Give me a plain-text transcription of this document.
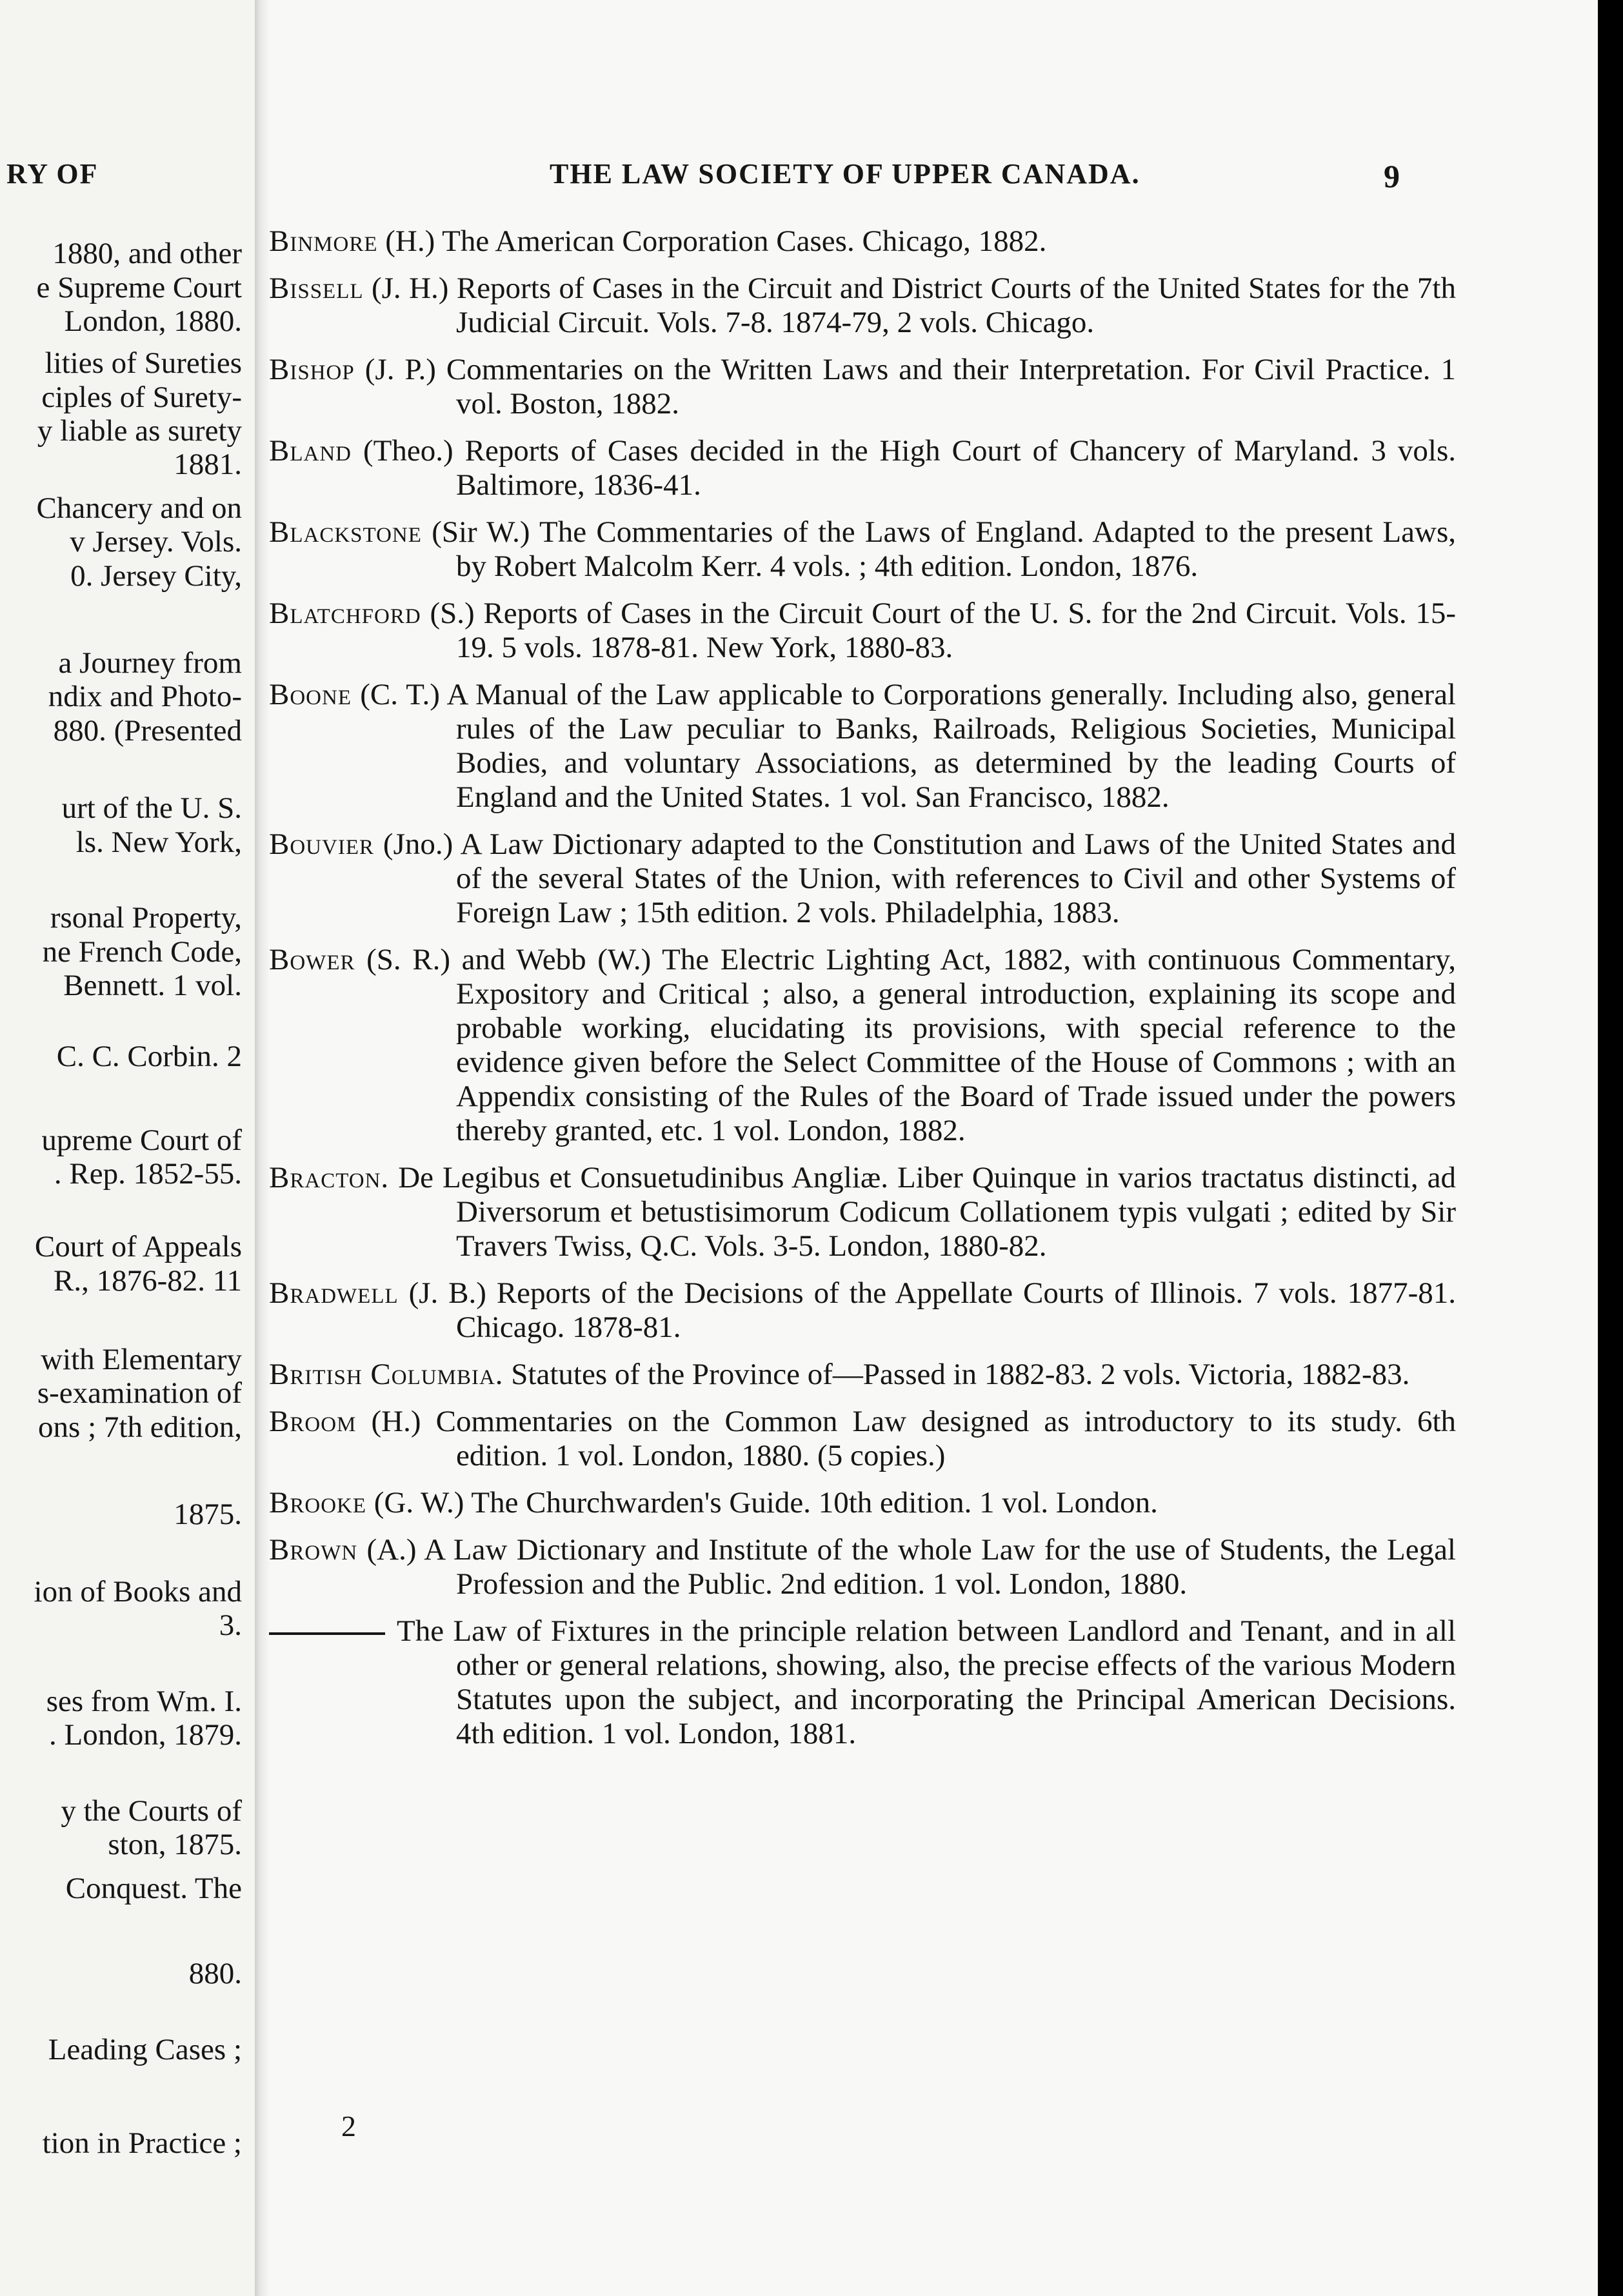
RY OF
1880, and other
e Supreme Court
London, 1880.
lities of Sureties
ciples of Surety-
y liable as surety
1881.
Chancery and on
v Jersey. Vols.
0. Jersey City,
a Journey from
ndix and Photo-
880. (Presented
urt of the U. S.
ls. New York,
rsonal Property,
ne French Code,
Bennett. 1 vol.
C. C. Corbin. 2
upreme Court of
. Rep. 1852-55.
Court of Appeals
R., 1876-82. 11
with Elementary
s-examination of
ons ; 7th edition,
1875.
ion of Books and
3.
ses from Wm. I.
. London, 1879.
y the Courts of
ston, 1875.
Conquest. The
880.
Leading Cases ;
tion in Practice ;
THE LAW SOCIETY OF UPPER CANADA.	9

Binmore (H.) The American Corporation Cases. Chicago, 1882.

Bissell (J. H.) Reports of Cases in the Circuit and District Courts of the United States for the 7th Judicial Circuit. Vols. 7-8. 1874-79, 2 vols. Chicago.

Bishop (J. P.) Commentaries on the Written Laws and their Interpretation. For Civil Practice. 1 vol. Boston, 1882.

Bland (Theo.) Reports of Cases decided in the High Court of Chancery of Maryland. 3 vols. Baltimore, 1836-41.

Blackstone (Sir W.) The Commentaries of the Laws of England. Adapted to the present Laws, by Robert Malcolm Kerr. 4 vols. ; 4th edition. London, 1876.

Blatchford (S.) Reports of Cases in the Circuit Court of the U. S. for the 2nd Circuit. Vols. 15-19. 5 vols. 1878-81. New York, 1880-83.

Boone (C. T.) A Manual of the Law applicable to Corporations generally. Including also, general rules of the Law peculiar to Banks, Railroads, Religious Societies, Municipal Bodies, and voluntary Associations, as determined by the leading Courts of England and the United States. 1 vol. San Francisco, 1882.

Bouvier (Jno.) A Law Dictionary adapted to the Constitution and Laws of the United States and of the several States of the Union, with references to Civil and other Systems of Foreign Law ; 15th edition. 2 vols. Philadelphia, 1883.

Bower (S. R.) and Webb (W.) The Electric Lighting Act, 1882, with continuous Commentary, Expository and Critical ; also, a general introduction, explaining its scope and probable working, elucidating its provisions, with special reference to the evidence given before the Select Committee of the House of Commons ; with an Appendix consisting of the Rules of the Board of Trade issued under the powers thereby granted, etc. 1 vol. London, 1882.

Bracton. De Legibus et Consuetudinibus Angliæ. Liber Quinque in varios tractatus distincti, ad Diversorum et betustisimorum Codicum Collationem typis vulgati ; edited by Sir Travers Twiss, Q.C. Vols. 3-5. London, 1880-82.

Bradwell (J. B.) Reports of the Decisions of the Appellate Courts of Illinois. 7 vols. 1877-81. Chicago. 1878-81.

British Columbia. Statutes of the Province of—Passed in 1882-83. 2 vols. Victoria, 1882-83.

Broom (H.) Commentaries on the Common Law designed as introductory to its study. 6th edition. 1 vol. London, 1880. (5 copies.)

Brooke (G. W.) The Churchwarden's Guide. 10th edition. 1 vol. London.

Brown (A.) A Law Dictionary and Institute of the whole Law for the use of Students, the Legal Profession and the Public. 2nd edition. 1 vol. London, 1880.

The Law of Fixtures in the principle relation between Landlord and Tenant, and in all other or general relations, showing, also, the precise effects of the various Modern Statutes upon the subject, and incorporating the Principal American Decisions. 4th edition. 1 vol. London, 1881.

2
